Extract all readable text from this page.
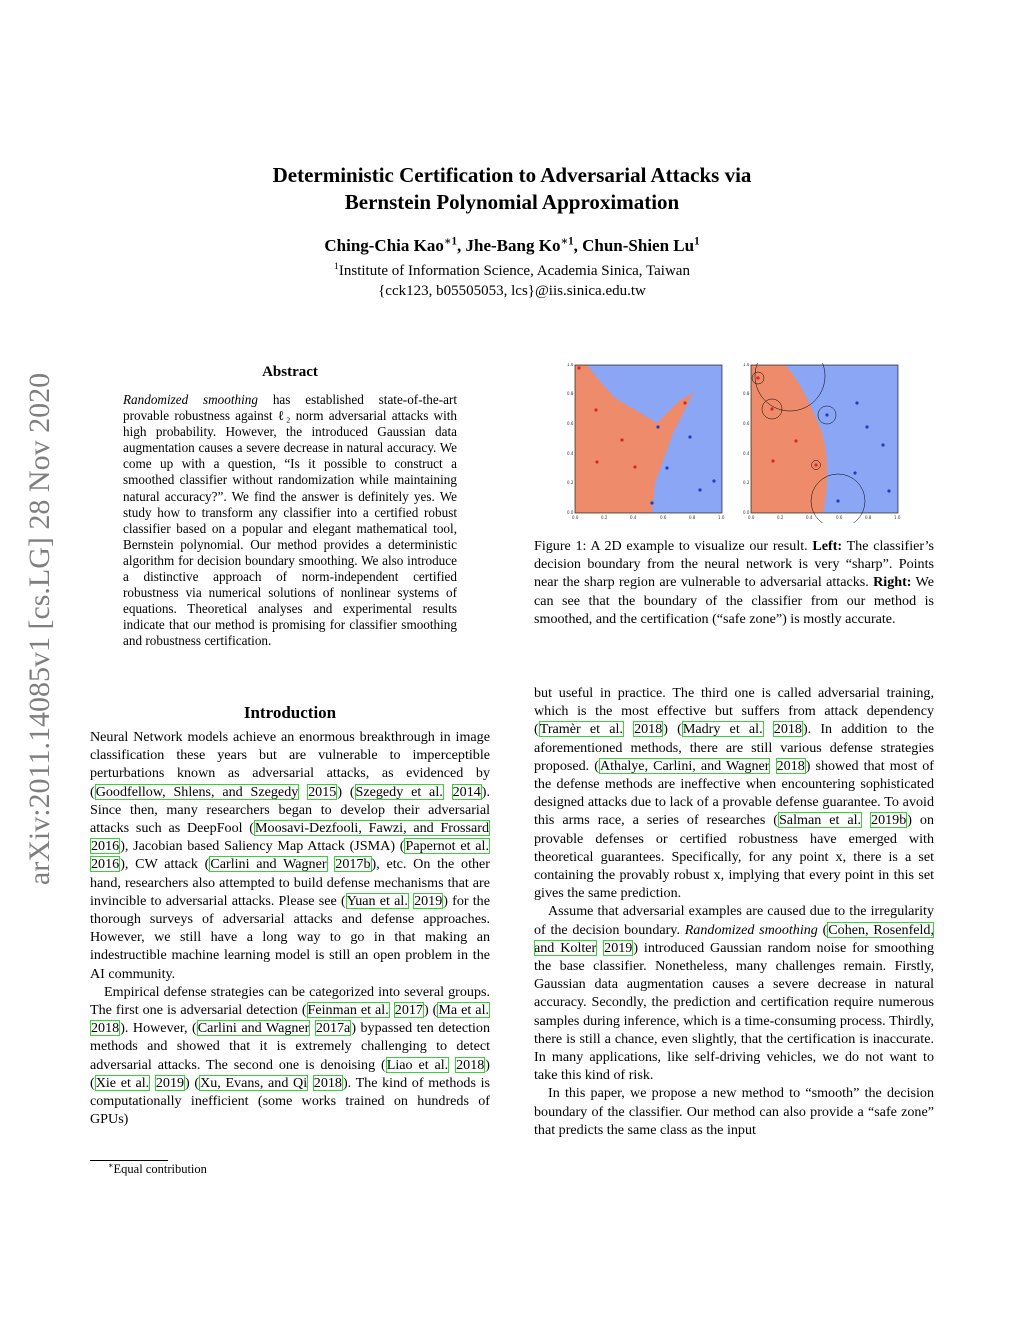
arXiv:2011.14085v1 [cs.LG] 28 Nov 2020
Deterministic Certification to Adversarial Attacks via
Bernstein Polynomial Approximation
Ching-Chia Kao$^{∗1}$, Jhe-Bang $Ko^{∗1}$, Chun-Shien Lu$^1$
$^1$Institute of Information Science, Academia Sinica, Taiwan
{cck123, b05505053, lcs}@iis.sinica.edu.tw
Abstract
Randomized smoothing has established state-of-the-art provable robustness against ℓ₂ norm adversarial attacks with high probability. However, the introduced Gaussian data augmentation causes a severe decrease in natural accuracy. We come up with a question, “Is it possible to construct a smoothed classifier without randomization while maintaining natural accuracy?”. We find the answer is definitely yes. We study how to transform any classifier into a certified robust classifier based on a popular and elegant mathematical tool, Bernstein polynomial. Our method provides a deterministic algorithm for decision boundary smoothing. We also introduce a distinctive approach of norm-independent certified robustness via numerical solutions of nonlinear systems of equations. Theoretical analyses and experimental results indicate that our method is promising for classifier smoothing and robustness certification.
Introduction

Neural Network models achieve an enormous breakthrough in image classification these years but are vulnerable to imperceptible perturbations known as adversarial attacks, as evidenced by (Goodfellow, Shlens, and Szegedy 2015) (Szegedy et al. 2014). Since then, many researchers began to develop their adversarial attacks such as DeepFool (Moosavi-Dezfooli, Fawzi, and Frossard 2016), Jacobian based Saliency Map Attack (JSMA) (Papernot et al. 2016), CW attack (Carlini and Wagner 2017b), etc. On the other hand, researchers also attempted to build defense mechanisms that are invincible to adversarial attacks. Please see (Yuan et al. 2019) for the thorough surveys of adversarial attacks and defense approaches. However, we still have a long way to go in that making an indestructible machine learning model is still an open problem in the AI community.

Empirical defense strategies can be categorized into several groups. The first one is adversarial detection (Feinman et al. 2017) (Ma et al. 2018). However, (Carlini and Wagner 2017a) bypassed ten detection methods and showed that it is extremely challenging to detect adversarial attacks. The second one is denoising (Liao et al. 2018) (Xie et al. 2019) (Xu, Evans, and Qi 2018). The kind of methods is computationally inefficient (some works trained on hundreds of GPUs)

∗Equal contribution
1.0
0.8
0.6
0.4
0.2
0.0
0.0	0.2	0.4	0.6	0.8	1.0
1.0
0.8
0.6
0.4
0.2
0.0
0.0	0.2	0.4	0.6	0.8	1.0
Figure 1: A 2D example to visualize our result. Left: The classifier’s decision boundary from the neural network is very “sharp”. Points near the sharp region are vulnerable to adversarial attacks. Right: We can see that the boundary of the classifier from our method is smoothed, and the certification (“safe zone”) is mostly accurate.

but useful in practice. The third one is called adversarial training, which is the most effective but suffers from attack dependency (Tramèr et al. 2018) (Madry et al. 2018). In addition to the aforementioned methods, there are still various defense strategies proposed. (Athalye, Carlini, and Wagner 2018) showed that most of the defense methods are ineffective when encountering sophisticated designed attacks due to lack of a provable defense guarantee. To avoid this arms race, a series of researches (Salman et al. 2019b) on provable defenses or certified robustness have emerged with theoretical guarantees. Specifically, for any point x, there is a set containing the provably robust x, implying that every point in this set gives the same prediction.

Assume that adversarial examples are caused due to the irregularity of the decision boundary. Randomized smoothing (Cohen, Rosenfeld, and Kolter 2019) introduced Gaussian random noise for smoothing the base classifier. Nonetheless, many challenges remain. Firstly, Gaussian data augmentation causes a severe decrease in natural accuracy. Secondly, the prediction and certification require numerous samples during inference, which is a time-consuming process. Thirdly, there is still a chance, even slightly, that the certification is inaccurate. In many applications, like self-driving vehicles, we do not want to take this kind of risk.

In this paper, we propose a new method to “smooth” the decision boundary of the classifier. Our method can also provide a “safe zone” that predicts the same class as the input
